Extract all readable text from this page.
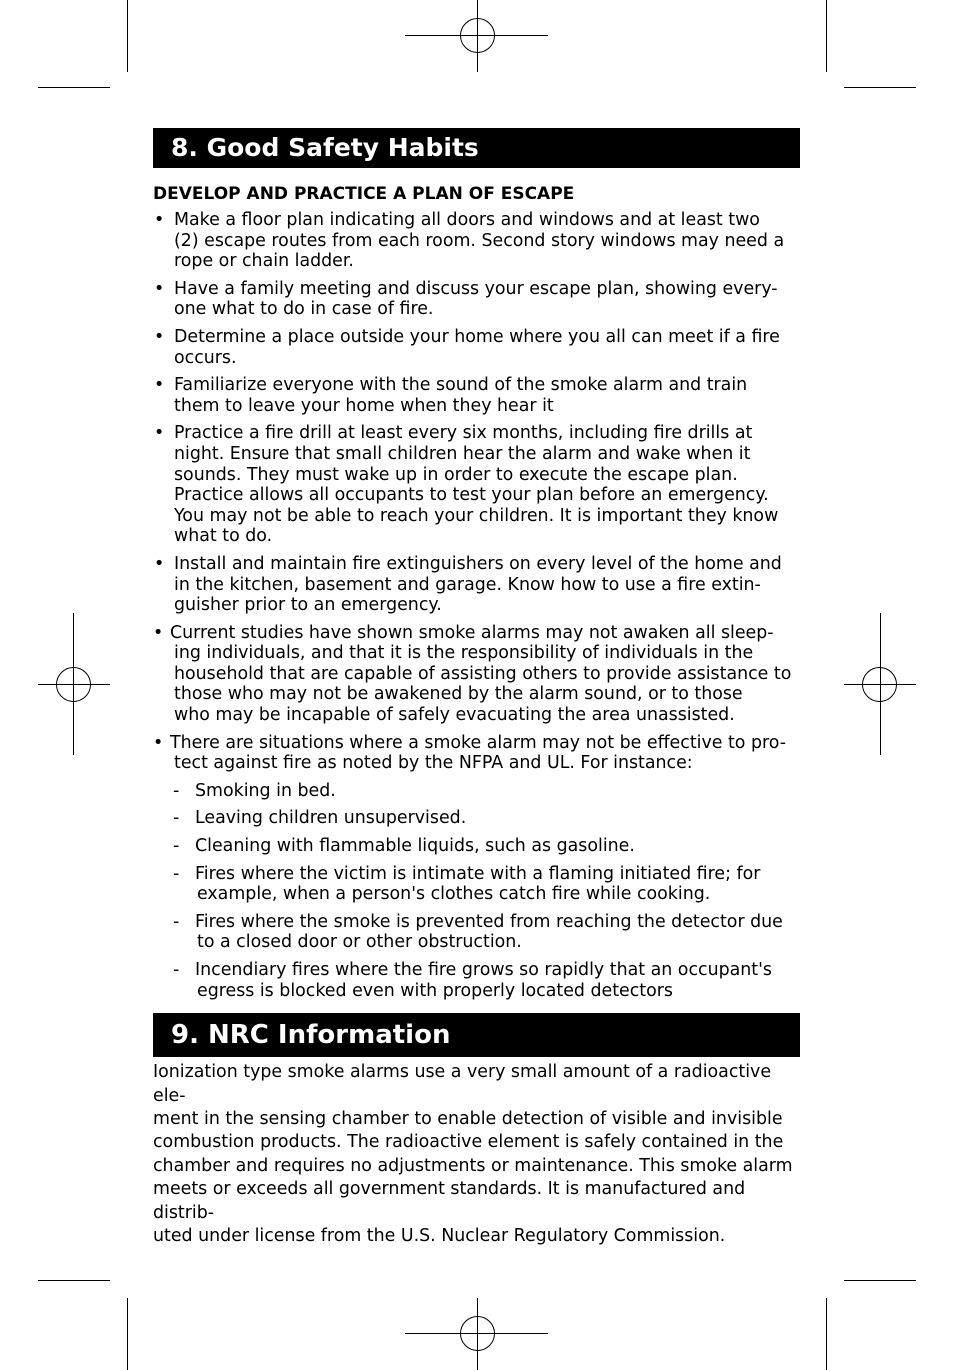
8. Good Safety Habits
DEVELOP AND PRACTICE A PLAN OF ESCAPE
• Make a floor plan indicating all doors and windows and at least two
(2) escape routes from each room. Second story windows may need a
rope or chain ladder.
• Have a family meeting and discuss your escape plan, showing every-
one what to do in case of fire.
• Determine a place outside your home where you all can meet if a fire
occurs.
• Familiarize everyone with the sound of the smoke alarm and train
them to leave your home when they hear it
• Practice a fire drill at least every six months, including fire drills at
night. Ensure that small children hear the alarm and wake when it
sounds. They must wake up in order to execute the escape plan.
Practice allows all occupants to test your plan before an emergency.
You may not be able to reach your children. It is important they know
what to do.
• Install and maintain fire extinguishers on every level of the home and
in the kitchen, basement and garage. Know how to use a fire extin-
guisher prior to an emergency.
• Current studies have shown smoke alarms may not awaken all sleep-
ing individuals, and that it is the responsibility of individuals in the
household that are capable of assisting others to provide assistance to
those who may not be awakened by the alarm sound, or to those
who may be incapable of safely evacuating the area unassisted.
• There are situations where a smoke alarm may not be effective to pro-
tect against fire as noted by the NFPA and UL. For instance:
- Smoking in bed.
- Leaving children unsupervised.
- Cleaning with flammable liquids, such as gasoline.
- Fires where the victim is intimate with a flaming initiated fire; for
example, when a person's clothes catch fire while cooking.
- Fires where the smoke is prevented from reaching the detector due
to a closed door or other obstruction.
- Incendiary fires where the fire grows so rapidly that an occupant's
egress is blocked even with properly located detectors
9. NRC Information
Ionization type smoke alarms use a very small amount of a radioactive ele-
ment in the sensing chamber to enable detection of visible and invisible
combustion products. The radioactive element is safely contained in the
chamber and requires no adjustments or maintenance. This smoke alarm
meets or exceeds all government standards. It is manufactured and distrib-
uted under license from the U.S. Nuclear Regulatory Commission.
